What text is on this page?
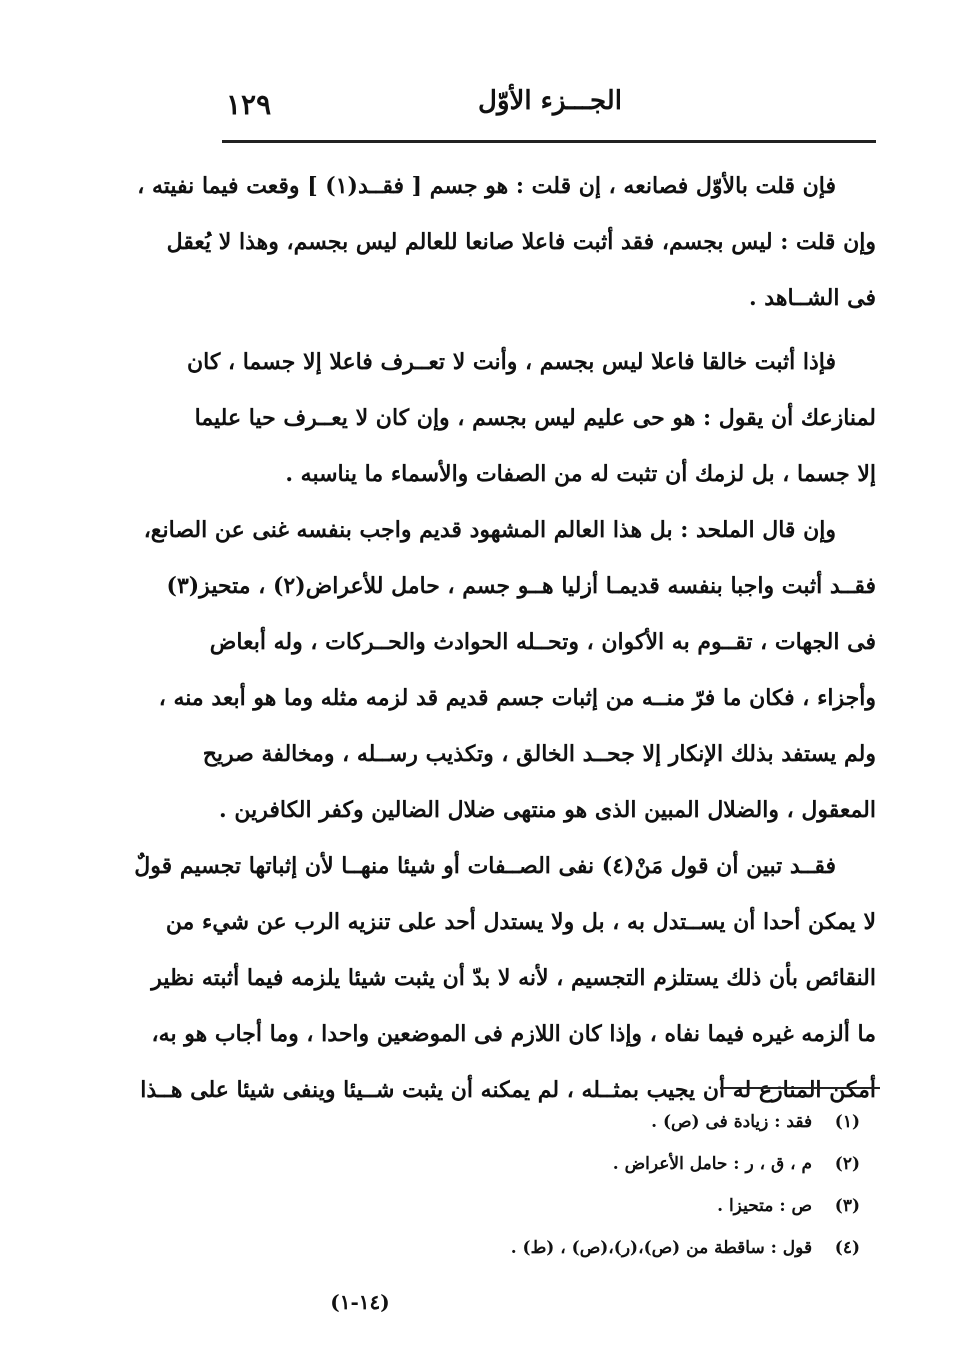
الجـــزء الأوّل
١٢٩
فإن قلت بالأوّل فصانعه ، إن قلت : هو جسم [ فقــد(١) ] وقعت فيما نفيته ،
وإن قلت : ليس بجسم، فقد أثبت فاعلا صانعا للعالم ليس بجسم، وهذا لا يُعقل
فى الشــاهد .
فإذا أثبت خالقا فاعلا ليس بجسم ، وأنت لا تعــرف فاعلا إلا جسما ، كان
لمنازعك أن يقول : هو حى عليم ليس بجسم ، وإن كان لا يعــرف حيا عليما
إلا جسما ، بل لزمك أن تثبت له من الصفات والأسماء ما يناسبه .
وإن قال الملحد : بل هذا العالم المشهود قديم واجب بنفسه غنى عن الصانع،
فقــد أثبت واجبا بنفسه قديمـا أزليا هــو جسم ، حامل للأعراض(٢) ، متحيز(٣)
فى الجهات ، تقــوم به الأكوان ، وتحــله الحوادث والحــركات ، وله أبعاض
وأجزاء ، فكان ما فرّ منــه من إثبات جسم قديم قد لزمه مثله وما هو أبعد منه ،
ولم يستفد بذلك الإنكار إلا جحــد الخالق ، وتكذيب رســله ، ومخالفة صريح
المعقول ، والضلال المبين الذى هو منتهى ضلال الضالين وكفر الكافرين .
فقــد تبين أن قول مَنْ(٤) نفى الصــفات أو شيئا منهــا لأن إثباتها تجسيم قولٌ
لا يمكن أحدا أن يســتدل به ، بل ولا يستدل أحد على تنزيه الرب عن شيء من
النقائص بأن ذلك يستلزم التجسيم ، لأنه لا بدّ أن يثبت شيئا يلزمه فيما أثبته نظير
ما ألزمه غيره فيما نفاه ، وإذا كان اللازم فى الموضعين واحدا ، وما أجاب هو به،
أمكن المنازع له أن يجيب بمثــله ، لم يمكنه أن يثبت شــيئا وينفى شيئا على هــذا
(١) فقد : زيادة فى (ص) .
(٢) م ، ق ، ر : حامل الأعراض .
(٣) ص : متحيزا .
(٤) قول : ساقطة من (ص)،(ر)،(ص) ، (ط) .
(١٤-١)
